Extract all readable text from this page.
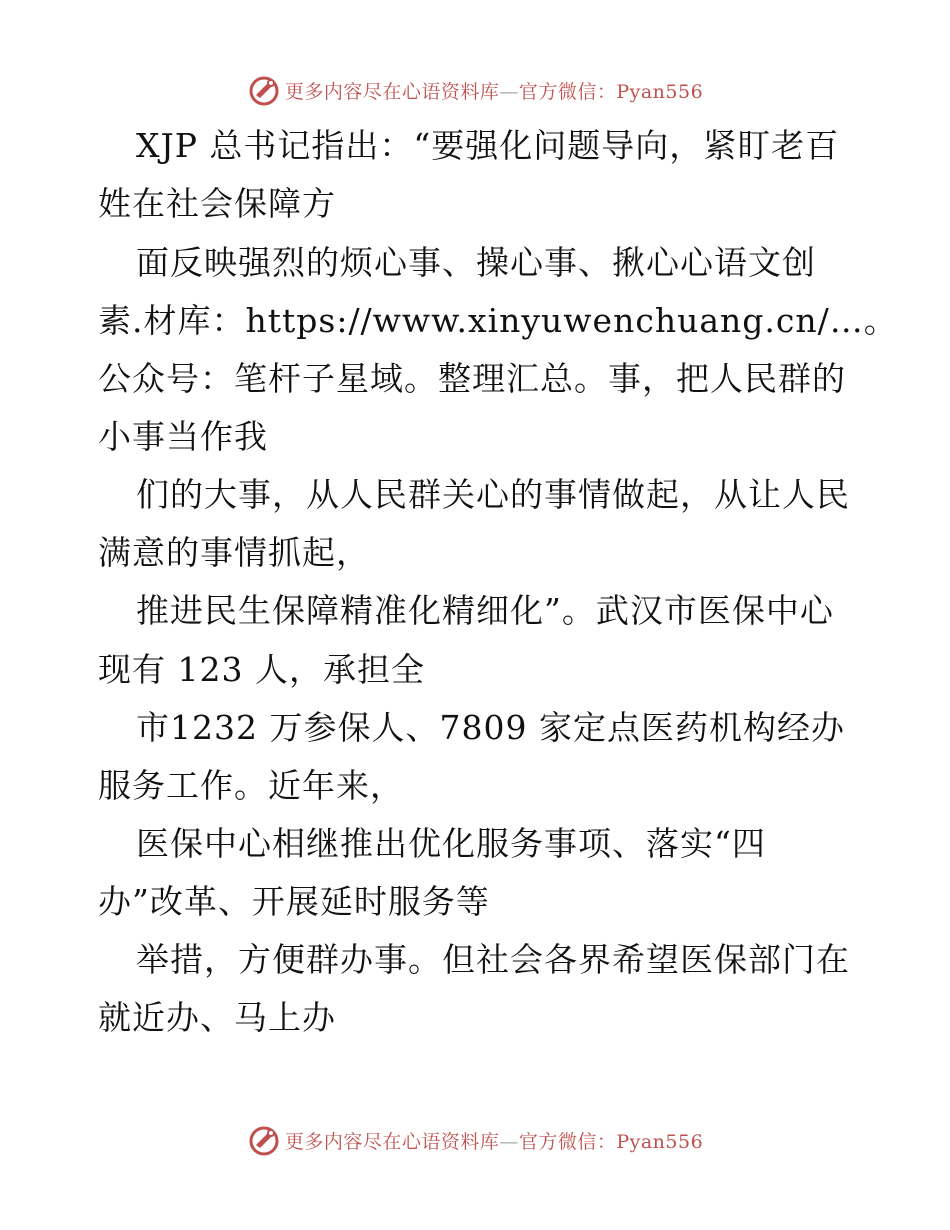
更多内容尽在心语资料库—官方微信：Pyan556
XJP 总书记指出：“要强化问题导向，紧盯老百
姓在社会保障方
面反映强烈的烦心事、操心事、揪心心语文创
素.材库：https://www.xinyuwenchuang.cn/…。
公众号：笔杆子星域。整理汇总。事，把人民群的
小事当作我
们的大事，从人民群关心的事情做起，从让人民
满意的事情抓起，
推进民生保障精准化精细化”。武汉市医保中心
现有 123 人，承担全
市1232 万参保人、7809 家定点医药机构经办
服务工作。近年来，
医保中心相继推出优化服务事项、落实“四
办”改革、开展延时服务等
举措，方便群办事。但社会各界希望医保部门在
就近办、马上办
更多内容尽在心语资料库—官方微信：Pyan556
